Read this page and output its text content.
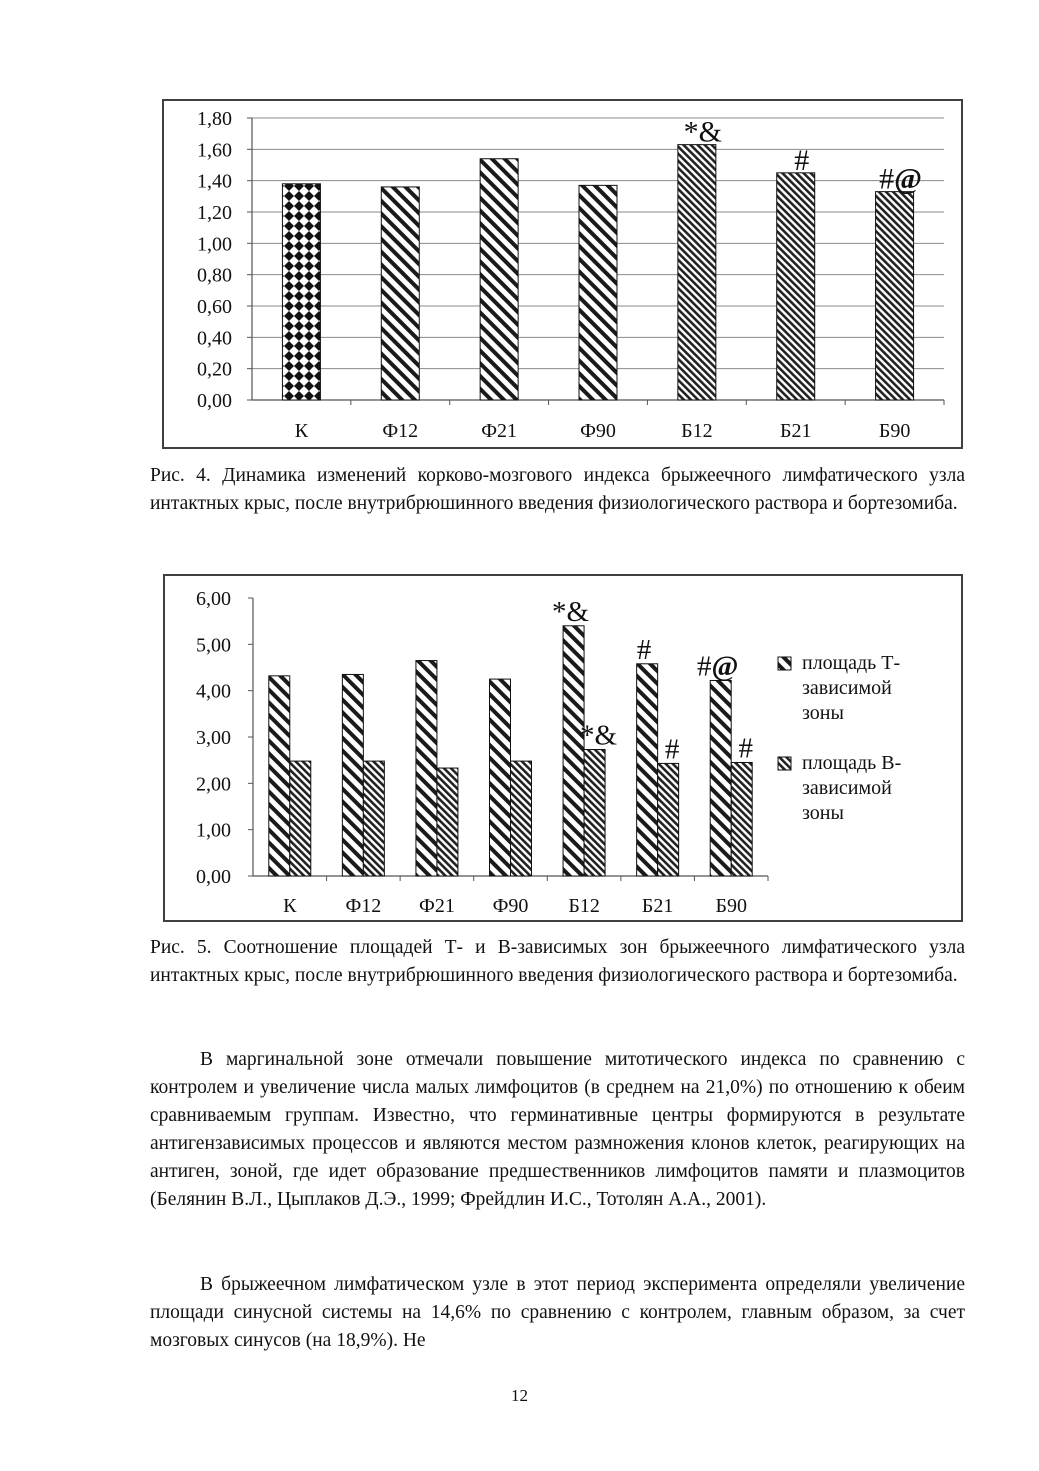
0,00
0,20
0,40
0,60
0,80
1,00
1,20
1,40
1,60
1,80
К	Ф12	Ф21	Ф90	Б12
*&
Б21
#
Б90
#@

Рис. 4. Динамика изменений корково-мозгового индекса брыжеечного лимфатического узла интактных крыс, после внутрибрюшинного введения физиологического раствора и бортезомиба.

0,00
1,00
2,00
3,00
4,00
5,00
6,00
К Ф12 Ф21 Ф90
*&
*&
Б12
#
#
Б21
#@
#
Б90
площадь Т-
зависимой
зоны
площадь В-
зависимой
зоны

Рис. 5. Соотношение площадей Т- и В-зависимых зон брыжеечного лимфатического узла интактных крыс, после внутрибрюшинного введения физиологического раствора и бортезомиба.

В маргинальной зоне отмечали повышение митотического индекса по сравнению с контролем и увеличение числа малых лимфоцитов (в среднем на 21,0%) по отношению к обеим сравниваемым группам. Известно, что герминативные центры формируются в результате антигензависимых процессов и являются местом размножения клонов клеток, реагирующих на антиген, зоной, где идет образование предшественников лимфоцитов памяти и плазмоцитов (Белянин В.Л., Цыплаков Д.Э., 1999; Фрейдлин И.С., Тотолян А.А., 2001).

В брыжеечном лимфатическом узле в этот период эксперимента определяли увеличение площади синусной системы на 14,6% по сравнению с контролем, главным образом, за счет мозговых синусов (на 18,9%). Не

12
